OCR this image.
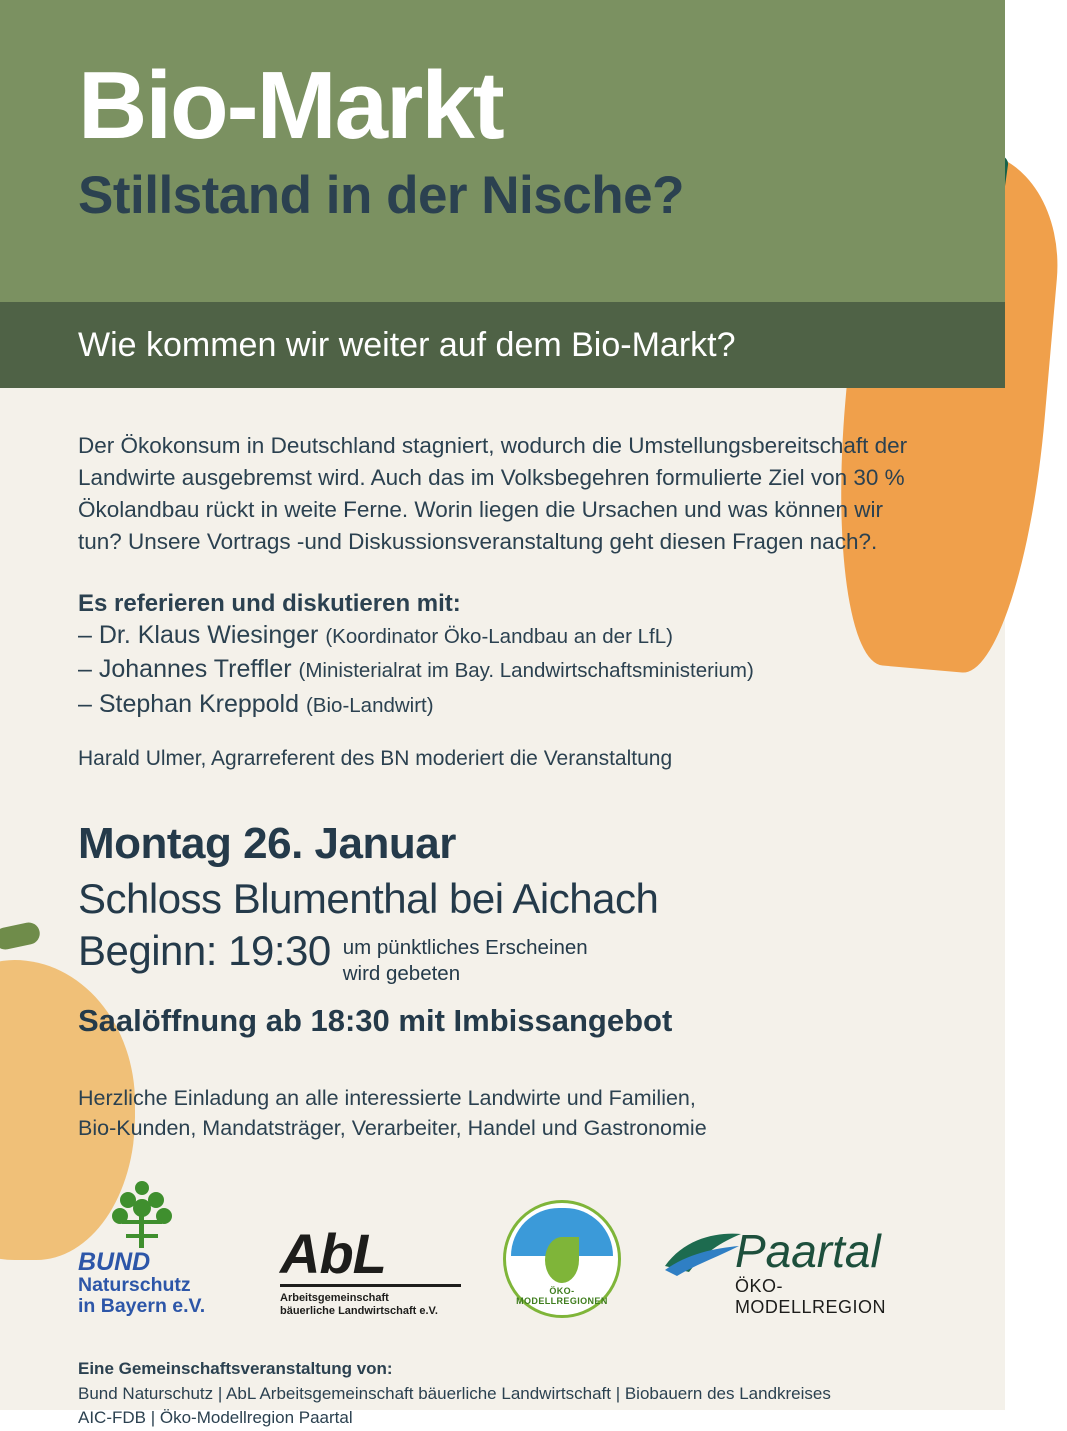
Bio-Markt
Stillstand in der Nische?
Wie kommen wir weiter auf dem Bio-Markt?

Der Ökokonsum in Deutschland stagniert, wodurch die Umstellungsbereitschaft der Landwirte ausgebremst wird. Auch das im Volksbegehren formulierte Ziel von 30 % Ökolandbau rückt in weite Ferne. Worin liegen die Ursachen und was können wir tun? Unsere Vortrags -und Diskussionsveranstaltung geht diesen Fragen nach?.

Es referieren und diskutieren mit:

– Dr. Klaus Wiesinger (Koordinator Öko-Landbau an der LfL)
– Johannes Treffler (Ministerialrat im Bay. Landwirtschaftsministerium)
– Stephan Kreppold (Bio-Landwirt)

Harald Ulmer, Agrarreferent des BN moderiert die Veranstaltung

Montag 26. Januar

Schloss Blumenthal bei Aichach

Beginn: 19:30 um pünktliches Erscheinen
wird gebeten

Saalöffnung ab 18:30 mit Imbissangebot

Herzliche Einladung an alle interessierte Landwirte und Familien,
Bio-Kunden, Mandatsträger, Verarbeiter, Handel und Gastronomie

BUND
Naturschutz
in Bayern e.V.
AbL
Arbeitsgemeinschaft
bäuerliche Landwirtschaft e.V.
ÖKO-MODELLREGIONEN
Paartal
ÖKO-MODELLREGION
Eine Gemeinschaftsveranstaltung von:
Bund Naturschutz | AbL Arbeitsgemeinschaft bäuerliche Landwirtschaft | Biobauern des Landkreises
AIC-FDB | Öko-Modellregion Paartal
